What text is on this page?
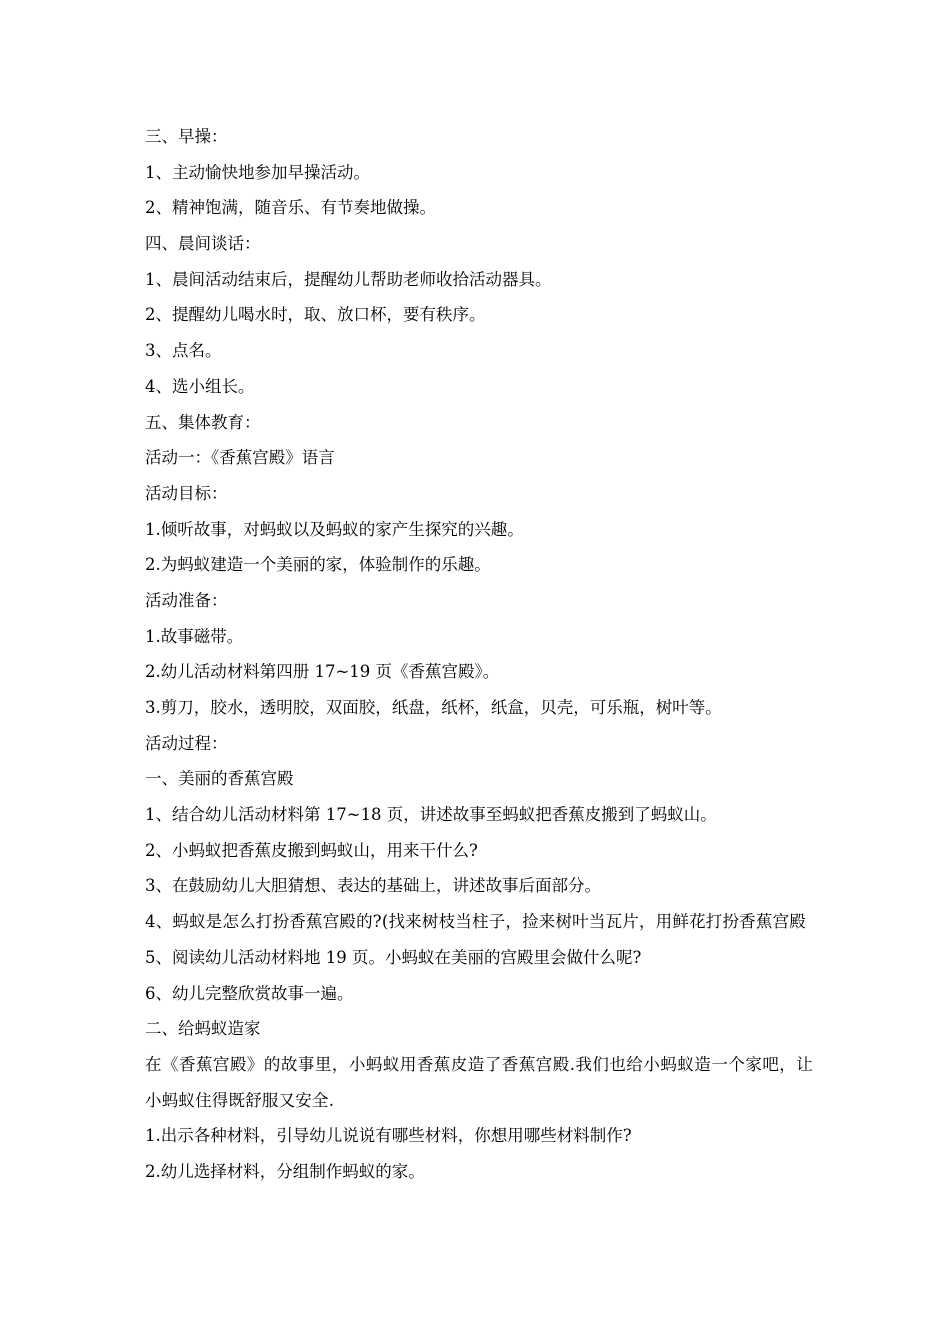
三、早操：

1、主动愉快地参加早操活动。

2、精神饱满，随音乐、有节奏地做操。

四、晨间谈话：

1、晨间活动结束后，提醒幼儿帮助老师收拾活动器具。

2、提醒幼儿喝水时，取、放口杯，要有秩序。

3、点名。

4、选小组长。

五、集体教育：

活动一：《香蕉宫殿》语言

活动目标：

1.倾听故事，对蚂蚁以及蚂蚁的家产生探究的兴趣。

2.为蚂蚁建造一个美丽的家，体验制作的乐趣。

活动准备：

1.故事磁带。

2.幼儿活动材料第四册 17~19 页《香蕉宫殿》。

3.剪刀，胶水，透明胶，双面胶，纸盘，纸杯，纸盒，贝壳，可乐瓶，树叶等。

活动过程：

一、美丽的香蕉宫殿

1、结合幼儿活动材料第 17~18 页，讲述故事至蚂蚁把香蕉皮搬到了蚂蚁山。

2、小蚂蚁把香蕉皮搬到蚂蚁山，用来干什么?

3、在鼓励幼儿大胆猜想、表达的基础上，讲述故事后面部分。

4、蚂蚁是怎么打扮香蕉宫殿的?(找来树枝当柱子，捡来树叶当瓦片，用鲜花打扮香蕉宫殿

5、阅读幼儿活动材料地 19 页。小蚂蚁在美丽的宫殿里会做什么呢?

6、幼儿完整欣赏故事一遍。

二、给蚂蚁造家

在《香蕉宫殿》的故事里，小蚂蚁用香蕉皮造了香蕉宫殿.我们也给小蚂蚁造一个家吧，让小蚂蚁住得既舒服又安全.

1.出示各种材料，引导幼儿说说有哪些材料，你想用哪些材料制作?

2.幼儿选择材料，分组制作蚂蚁的家。
